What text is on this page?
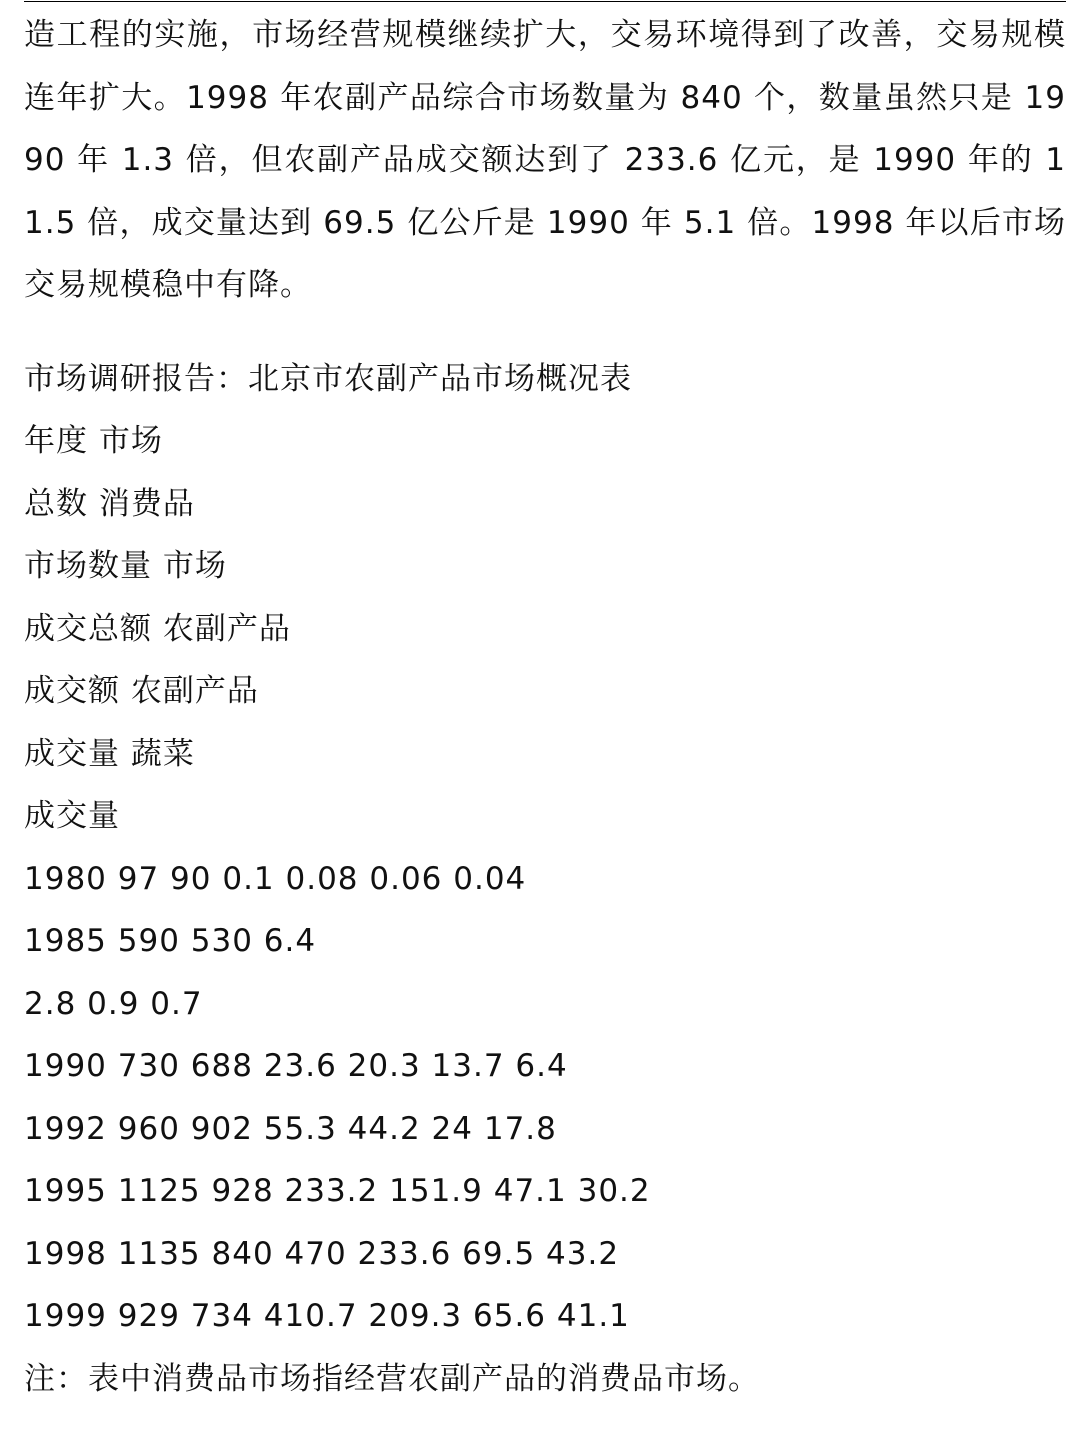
造工程的实施，市场经营规模继续扩大，交易环境得到了改善，交易规模连年扩大。1998 年农副产品综合市场数量为 840 个，数量虽然只是 1990 年 1.3 倍，但农副产品成交额达到了 233.6 亿元，是 1990 年的 11.5 倍，成交量达到 69.5 亿公斤是 1990 年 5.1 倍。1998 年以后市场交易规模稳中有降。

市场调研报告：北京市农副产品市场概况表

年度 市场

总数 消费品

市场数量 市场

成交总额 农副产品

成交额 农副产品

成交量 蔬菜

成交量

1980 97 90 0.1 0.08 0.06 0.04

1985 590 530 6.4

2.8 0.9 0.7

1990 730 688 23.6 20.3 13.7 6.4

1992 960 902 55.3 44.2 24 17.8

1995 1125 928 233.2 151.9 47.1 30.2

1998 1135 840 470 233.6 69.5 43.2

1999 929 734 410.7 209.3 65.6 41.1

注：表中消费品市场指经营农副产品的消费品市场。
